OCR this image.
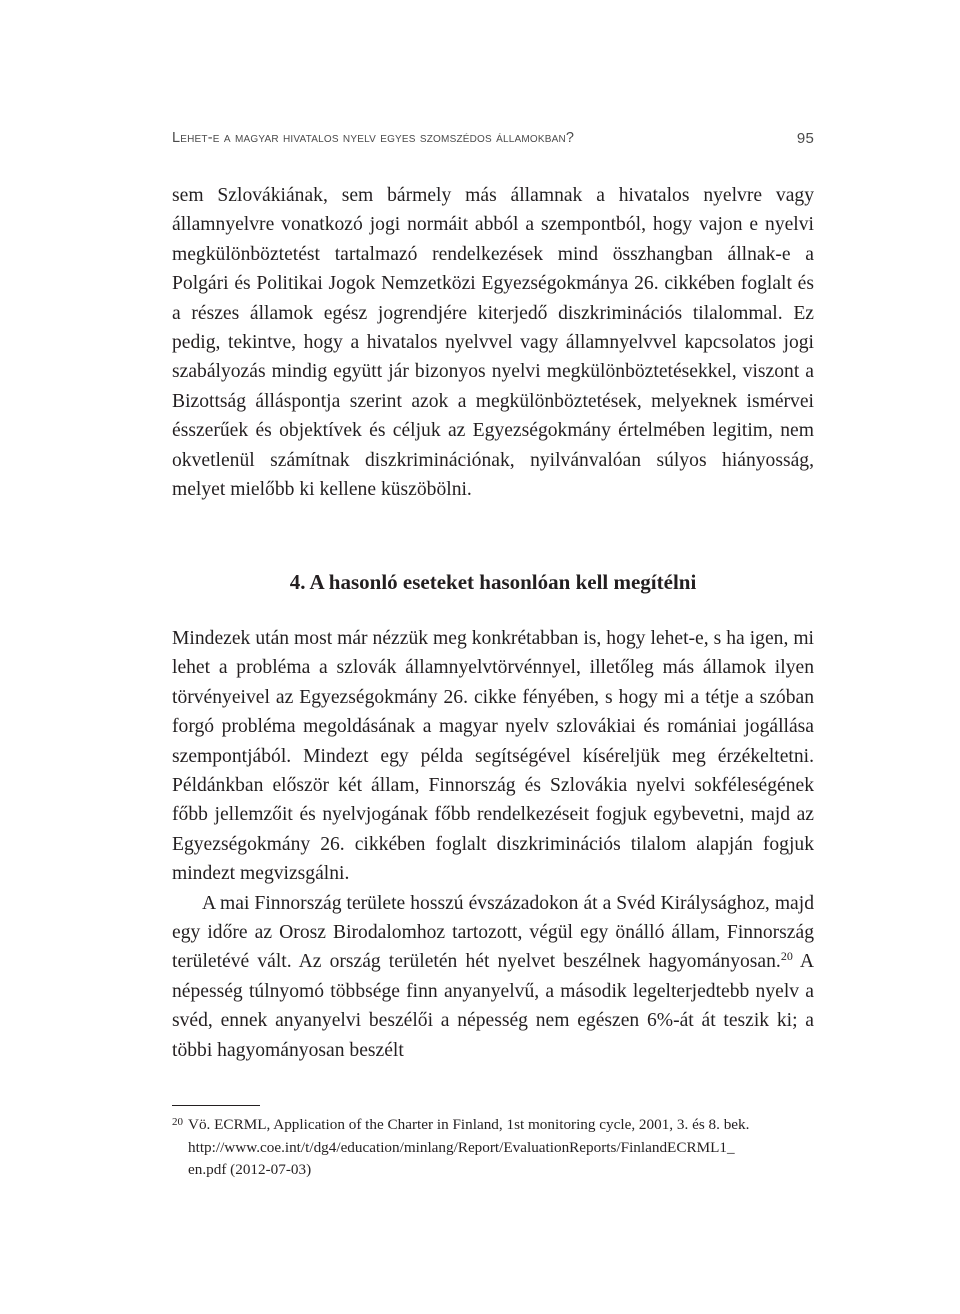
Lehet-e a magyar hivatalos nyelv egyes szomszédos államokban?	95

sem Szlovákiának, sem bármely más államnak a hivatalos nyelvre vagy államnyelvre vonatkozó jogi normáit abból a szempontból, hogy vajon e nyelvi megkülönböztetést tartalmazó rendelkezések mind összhangban állnak-e a Polgári és Politikai Jogok Nemzetközi Egyezségokmánya 26. cikkében foglalt és a részes államok egész jogrendjére kiterjedő diszkriminációs tilalommal. Ez pedig, tekintve, hogy a hivatalos nyelvvel vagy államnyelvvel kapcsolatos jogi szabályozás mindig együtt jár bizonyos nyelvi megkülönböztetésekkel, viszont a Bizottság álláspontja szerint azok a megkülönböztetések, melyeknek ismérvei ésszerűek és objektívek és céljuk az Egyezségokmány értelmében legitim, nem okvetlenül számítnak diszkriminációnak, nyilvánvalóan súlyos hiányosság, melyet mielőbb ki kellene küszöbölni.

4. A hasonló eseteket hasonlóan kell megítélni

Mindezek után most már nézzük meg konkrétabban is, hogy lehet-e, s ha igen, mi lehet a probléma a szlovák államnyelvtörvénnyel, illetőleg más államok ilyen törvényeivel az Egyezségokmány 26. cikke fényében, s hogy mi a tétje a szóban forgó probléma megoldásának a magyar nyelv szlovákiai és romániai jogállása szempontjából. Mindezt egy példa segítségével kíséreljük meg érzékeltetni. Példánkban először két állam, Finnország és Szlovákia nyelvi sokféleségének főbb jellemzőit és nyelvjogának főbb rendelkezéseit fogjuk egybevetni, majd az Egyezségokmány 26. cikkében foglalt diszkriminációs tilalom alapján fogjuk mindezt megvizsgálni.

A mai Finnország területe hosszú évszázadokon át a Svéd Királysághoz, majd egy időre az Orosz Birodalomhoz tartozott, végül egy önálló állam, Finnország területévé vált. Az ország területén hét nyelvet beszélnek hagyományosan.$^{20}$ A népesség túlnyomó többsége finn anyanyelvű, a második legelterjedtebb nyelv a svéd, ennek anyanyelvi beszélői a népesség nem egészen 6%-át át teszik ki; a többi hagyományosan beszélt

20 Vö. ECRML, Application of the Charter in Finland, 1st monitoring cycle, 2001, 3. és 8. bek.
http://www.coe.int/t/dg4/education/minlang/Report/EvaluationReports/FinlandECRML1_
en.pdf (2012-07-03)
